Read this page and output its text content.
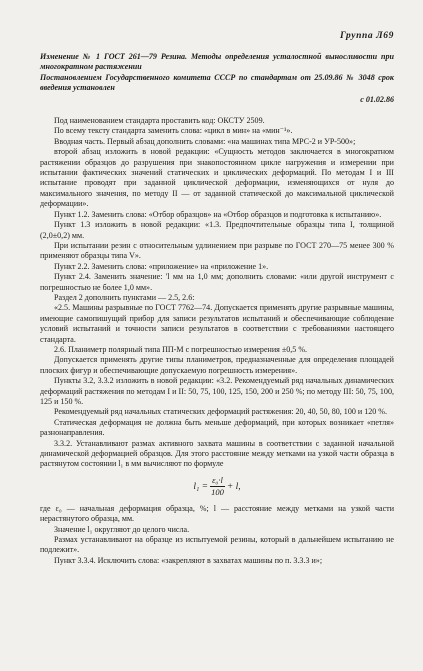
Группа Л69

Изменение № 1 ГОСТ 261—79 Резина. Методы определения усталостной выносливости при многократном растяжении

Постановлением Государственного комитета СССР по стандартам от 25.09.86 № 3048 срок введения установлен

с 01.02.86

Под наименованием стандарта проставить код: ОКСТУ 2509.

По всему тексту стандарта заменить слова: «цикл в мин» на «мин⁻¹».

Вводная часть. Первый абзац дополнить словами: «на машинах типа МРС-2 и УР-500»;

второй абзац изложить в новой редакции: «Сущность методов заключается в многократном растяжении образцов до разрушения при знакопостоянном цикле нагружения и измерении при испытании фактических значений статических и циклических деформаций. По методам I и III испытание проводят при заданной циклической деформации, изменяющихся от нуля до максимального значения, по методу II — от заданной статической до максимальной циклической деформации».

Пункт 1.2. Заменить слова: «Отбор образцов» на «Отбор образцов и подготовка к испытанию».

Пункт 1.3 изложить в новой редакции: «1.3. Предпочтительные образцы типа I, толщиной (2,0±0,2) мм.

При испытании резин с относительным удлинением при разрыве по ГОСТ 270—75 менее 300 % применяют образцы типа V».

Пункт 2.2. Заменить слова: «приложение» на «приложение 1».

Пункт 2.4. Заменить значение: 'l мм на 1,0 мм; дополнить словами: «или другой инструмент с погрешностью не более 1,0 мм».

Раздел 2 дополнить пунктами — 2.5, 2.6:

«2.5. Машины разрывные по ГОСТ 7762—74. Допускается применять другие разрывные машины, имеющие самопишущий прибор для записи результатов испытаний и обеспечивающие соблюдение условий испытаний и точности записи результатов в соответствии с требованиями настоящего стандарта.

2.6. Планиметр полярный типа ПП-М с погрешностью измерения ±0,5 %.

Допускается применять другие типы планиметров, предназначенные для определения площадей плоских фигур и обеспечивающие допускаемую погрешность измерения».

Пункты 3.2, 3.3.2 изложить в новой редакции: «3.2. Рекомендуемый ряд начальных динамических деформаций растяжения по методам I и II: 50, 75, 100, 125, 150, 200 и 250 %; по методу III: 50, 75, 100, 125 и 150 %.

Рекомендуемый ряд начальных статических деформаций растяжения: 20, 40, 50, 80, 100 и 120 %.

Статическая деформация не должна быть меньше деформаций, при которых возникает «петля» разнонаправления.

3.3.2. Устанавливают размах активного захвата машины в соответствии с заданной начальной динамической деформацией образцов. Для этого расстояние между метками на узкой части образца в растянутом состоянии l₁ в мм вычисляют по формуле

$l_1 = \frac{\text{ε₀·l}}{100} + l$,

где ε₀ — начальная деформация образца, %; l — расстояние между метками на узкой части нерастянутого образца, мм.

Значение l₁ округляют до целого числа.

Размах устанавливают на образце из испытуемой резины, который в дальнейшем испытанию не подлежит».

Пункт 3.3.4. Исключить слова: «закрепляют в захватах машины по п. 3.3.3 и»;
